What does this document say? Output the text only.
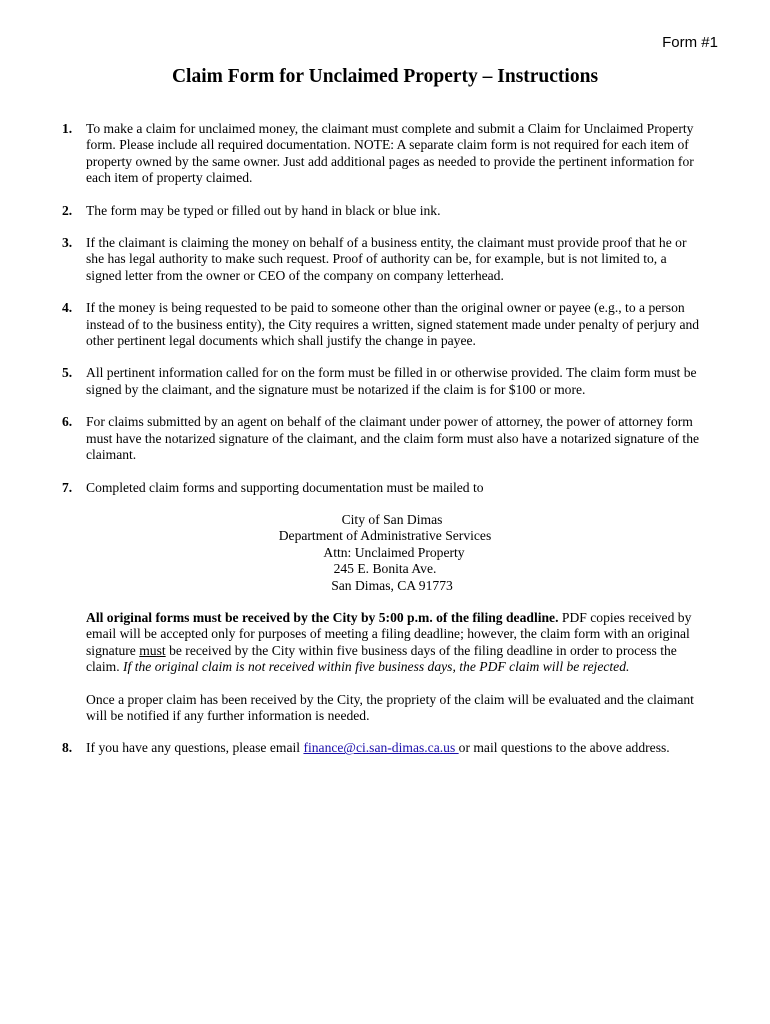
Form #1
Claim Form for Unclaimed Property – Instructions
1. To make a claim for unclaimed money, the claimant must complete and submit a Claim for Unclaimed Property form. Please include all required documentation. NOTE: A separate claim form is not required for each item of property owned by the same owner. Just add additional pages as needed to provide the pertinent information for each item of property claimed.
2. The form may be typed or filled out by hand in black or blue ink.
3. If the claimant is claiming the money on behalf of a business entity, the claimant must provide proof that he or she has legal authority to make such request. Proof of authority can be, for example, but is not limited to, a signed letter from the owner or CEO of the company on company letterhead.
4. If the money is being requested to be paid to someone other than the original owner or payee (e.g., to a person instead of to the business entity), the City requires a written, signed statement made under penalty of perjury and other pertinent legal documents which shall justify the change in payee.
5. All pertinent information called for on the form must be filled in or otherwise provided. The claim form must be signed by the claimant, and the signature must be notarized if the claim is for $100 or more.
6. For claims submitted by an agent on behalf of the claimant under power of attorney, the power of attorney form must have the notarized signature of the claimant, and the claim form must also have a notarized signature of the claimant.
7. Completed claim forms and supporting documentation must be mailed to
City of San Dimas
Department of Administrative Services
Attn: Unclaimed Property
245 E. Bonita Ave.
San Dimas, CA 91773
All original forms must be received by the City by 5:00 p.m. of the filing deadline. PDF copies received by email will be accepted only for purposes of meeting a filing deadline; however, the claim form with an original signature must be received by the City within five business days of the filing deadline in order to process the claim. If the original claim is not received within five business days, the PDF claim will be rejected.
Once a proper claim has been received by the City, the propriety of the claim will be evaluated and the claimant will be notified if any further information is needed.
8. If you have any questions, please email finance@ci.san-dimas.ca.us or mail questions to the above address.
